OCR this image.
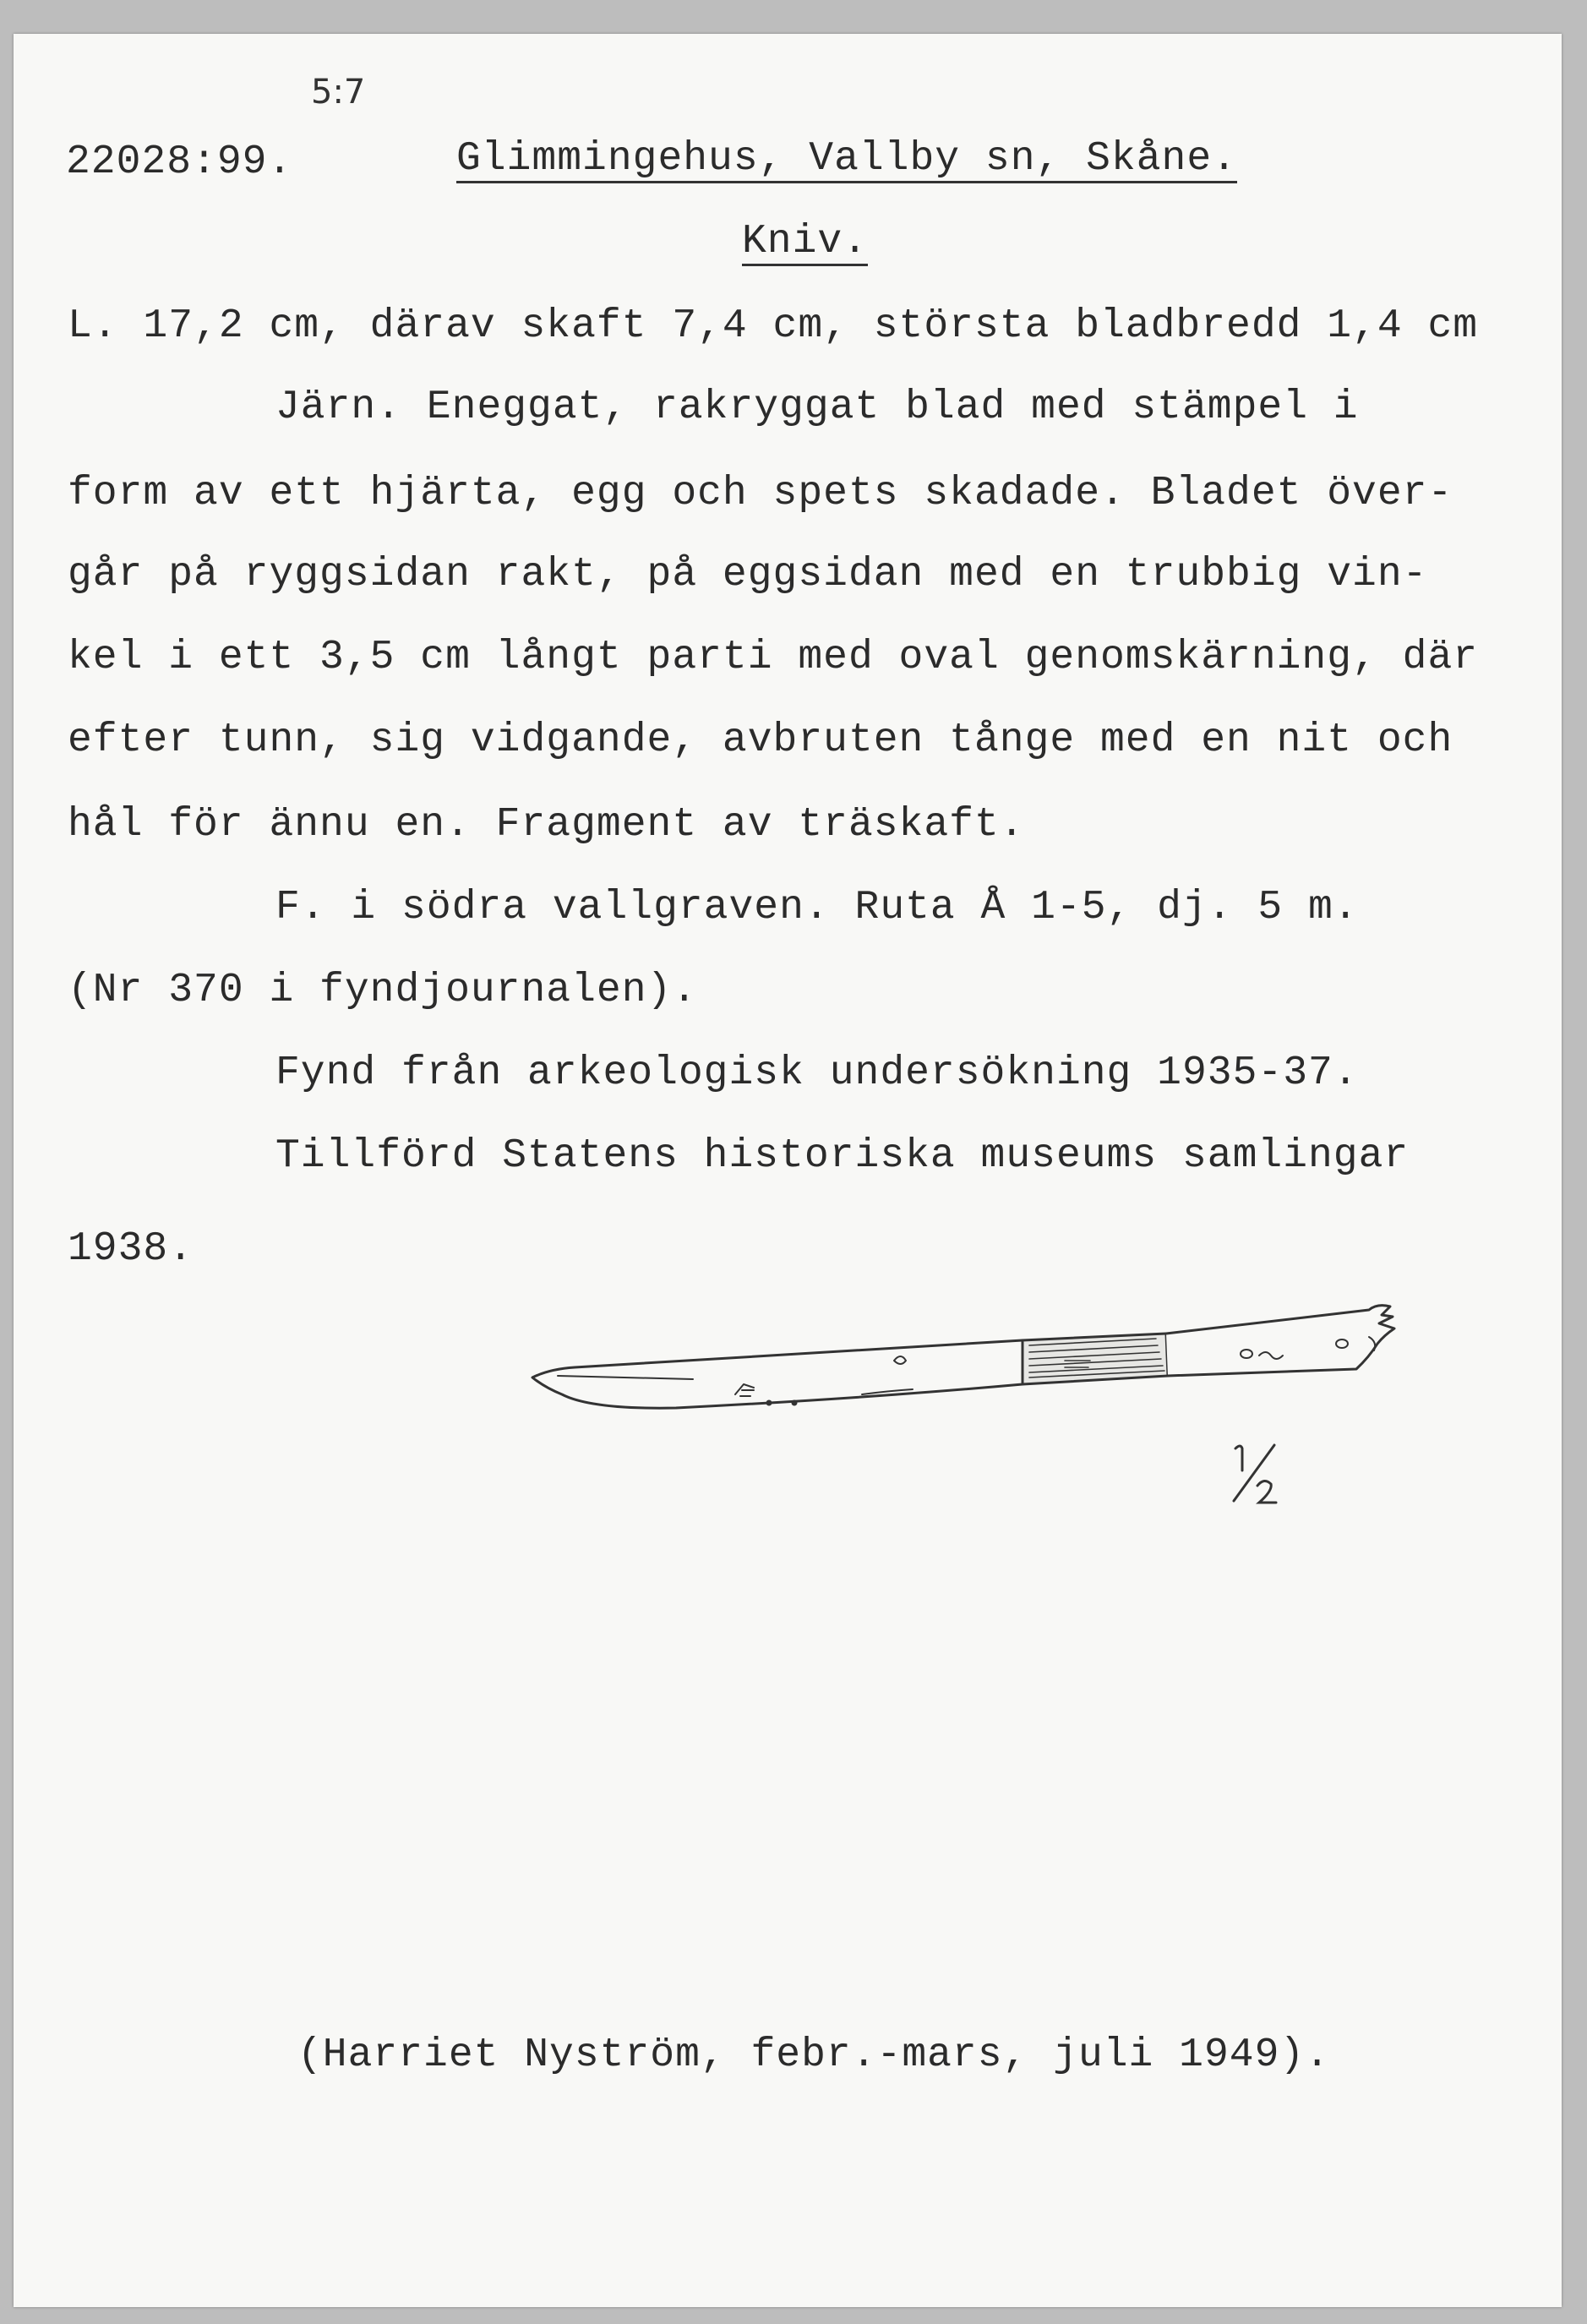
5:7
22028:99.	Glimmingehus, Vallby sn, Skåne.
Kniv.
L. 17,2 cm, därav skaft 7,4 cm, största bladbredd 1,4 cm
Järn. Eneggat, rakryggat blad med stämpel i
form av ett hjärta, egg och spets skadade. Bladet över-
går på ryggsidan rakt, på eggsidan med en trubbig vin-
kel i ett 3,5 cm långt parti med oval genomskärning, där
efter tunn, sig vidgande, avbruten tånge med en nit och
hål för ännu en. Fragment av träskaft.
F. i södra vallgraven. Ruta Å 1-5, dj. 5 m.
(Nr 370 i fyndjournalen).
Fynd från arkeologisk undersökning 1935-37.
Tillförd Statens historiska museums samlingar
1938.
1/2
(Harriet Nyström, febr.-mars, juli 1949).
